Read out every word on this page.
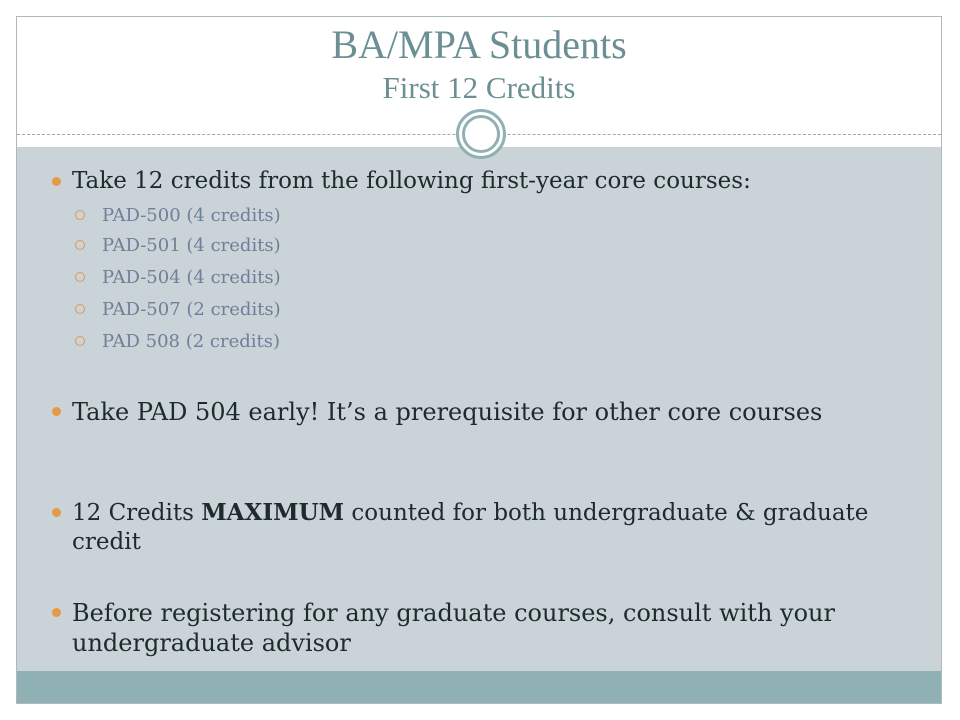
BA/MPA Students
First 12 Credits
Take 12 credits from the following first-year core courses:
PAD-500 (4 credits)
PAD-501 (4 credits)
PAD-504 (4 credits)
PAD-507 (2 credits)
PAD 508 (2 credits)
Take PAD 504 early! It’s a prerequisite for other core courses
12 Credits MAXIMUM counted for both undergraduate & graduate credit
Before registering for any graduate courses, consult with your undergraduate advisor
